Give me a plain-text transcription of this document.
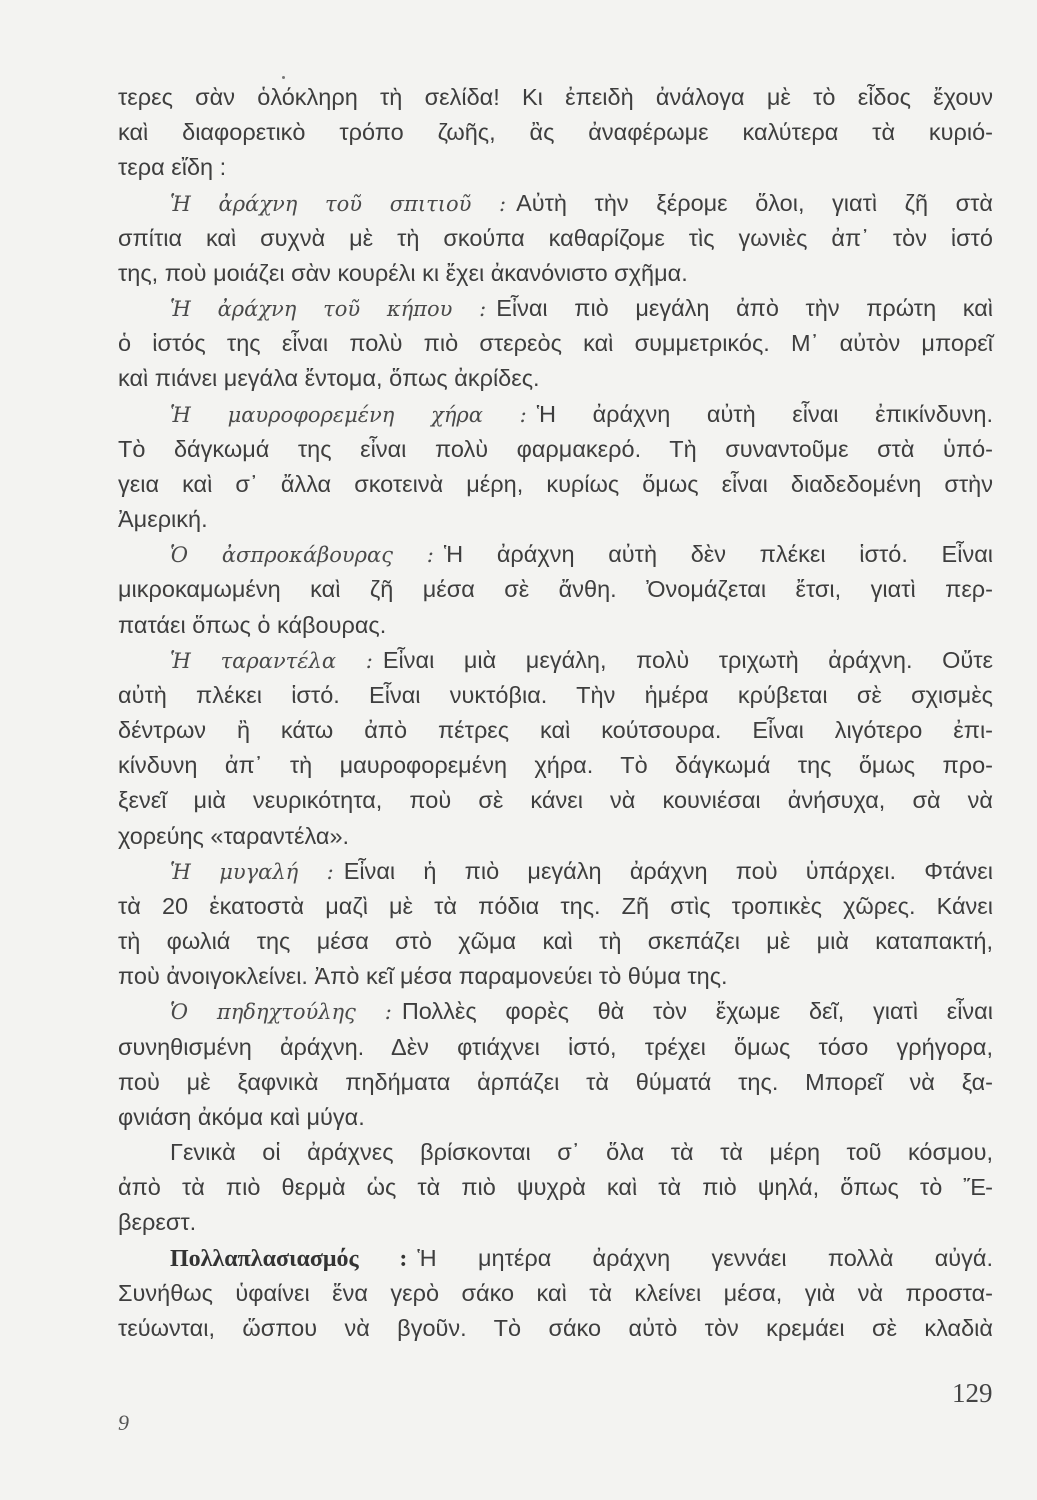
τερες σὰν ὁλόκληρη τὴ σελίδα! Κι ἐπειδὴ ἀνάλογα μὲ τὸ εἶδος ἔχουν
καὶ διαφορετικὸ τρόπο ζωῆς, ἂς ἀναφέρωμε καλύτερα τὰ κυριό-
τερα εἴδη :
Ἡ ἀράχνη τοῦ σπιτιοῦ : Αὐτὴ τὴν ξέρομε ὅλοι, γιατὶ ζῆ στὰ
σπίτια καὶ συχνὰ μὲ τὴ σκούπα καθαρίζομε τὶς γωνιὲς ἀπ᾽ τὸν ἱστό
της, ποὺ μοιάζει σὰν κουρέλι κι ἔχει ἀκανόνιστο σχῆμα.
Ἡ ἀράχνη τοῦ κήπου : Εἶναι πιὸ μεγάλη ἀπὸ τὴν πρώτη καὶ
ὁ ἱστός της εἶναι πολὺ πιὸ στερεὸς καὶ συμμετρικός. Μ᾽ αὐτὸν μπορεῖ
καὶ πιάνει μεγάλα ἔντομα, ὅπως ἀκρίδες.
Ἡ μαυροφορεμένη χήρα : Ἡ ἀράχνη αὐτὴ εἶναι ἐπικίνδυνη.
Τὸ δάγκωμά της εἶναι πολὺ φαρμακερό. Τὴ συναντοῦμε στὰ ὑπό-
γεια καὶ σ᾽ ἄλλα σκοτεινὰ μέρη, κυρίως ὅμως εἶναι διαδεδομένη στὴν
Ἀμερική.
Ὁ ἀσπροκάβουρας : Ἡ ἀράχνη αὐτὴ δὲν πλέκει ἱστό. Εἶναι
μικροκαμωμένη καὶ ζῆ μέσα σὲ ἄνθη. Ὀνομάζεται ἔτσι, γιατὶ περ-
πατάει ὅπως ὁ κάβουρας.
Ἡ ταραντέλα : Εἶναι μιὰ μεγάλη, πολὺ τριχωτὴ ἀράχνη. Οὔτε
αὐτὴ πλέκει ἱστό. Εἶναι νυκτόβια. Τὴν ἡμέρα κρύβεται σὲ σχισμὲς
δέντρων ἢ κάτω ἀπὸ πέτρες καὶ κούτσουρα. Εἶναι λιγότερο ἐπι-
κίνδυνη ἀπ᾽ τὴ μαυροφορεμένη χήρα. Τὸ δάγκωμά της ὅμως προ-
ξενεῖ μιὰ νευρικότητα, ποὺ σὲ κάνει νὰ κουνιέσαι ἀνήσυχα, σὰ νὰ
χορεύης «ταραντέλα».
Ἡ μυγαλή : Εἶναι ἡ πιὸ μεγάλη ἀράχνη ποὺ ὑπάρχει. Φτάνει
τὰ 20 ἑκατοστὰ μαζὶ μὲ τὰ πόδια της. Ζῆ στὶς τροπικὲς χῶρες. Κάνει
τὴ φωλιά της μέσα στὸ χῶμα καὶ τὴ σκεπάζει μὲ μιὰ καταπακτή,
ποὺ ἀνοιγοκλείνει. Ἀπὸ κεῖ μέσα παραμονεύει τὸ θύμα της.
Ὁ πηδηχτούλης : Πολλὲς φορὲς θὰ τὸν ἔχωμε δεῖ, γιατὶ εἶναι
συνηθισμένη ἀράχνη. Δὲν φτιάχνει ἱστό, τρέχει ὅμως τόσο γρήγορα,
ποὺ μὲ ξαφνικὰ πηδήματα ἁρπάζει τὰ θύματά της. Μπορεῖ νὰ ξα-
φνιάση ἀκόμα καὶ μύγα.
Γενικὰ οἱ ἀράχνες βρίσκονται σ᾽ ὅλα τὰ τὰ μέρη τοῦ κόσμου,
ἀπὸ τὰ πιὸ θερμὰ ὡς τὰ πιὸ ψυχρὰ καὶ τὰ πιὸ ψηλά, ὅπως τὸ Ἔ-
βερεστ.
Πολλαπλασιασμός : Ἡ μητέρα ἀράχνη γεννάει πολλὰ αὐγά.
Συνήθως ὑφαίνει ἕνα γερὸ σάκο καὶ τὰ κλείνει μέσα, γιὰ νὰ προστα-
τεύωνται, ὥσπου νὰ βγοῦν. Τὸ σάκο αὐτὸ τὸν κρεμάει σὲ κλαδιὰ
129
9
